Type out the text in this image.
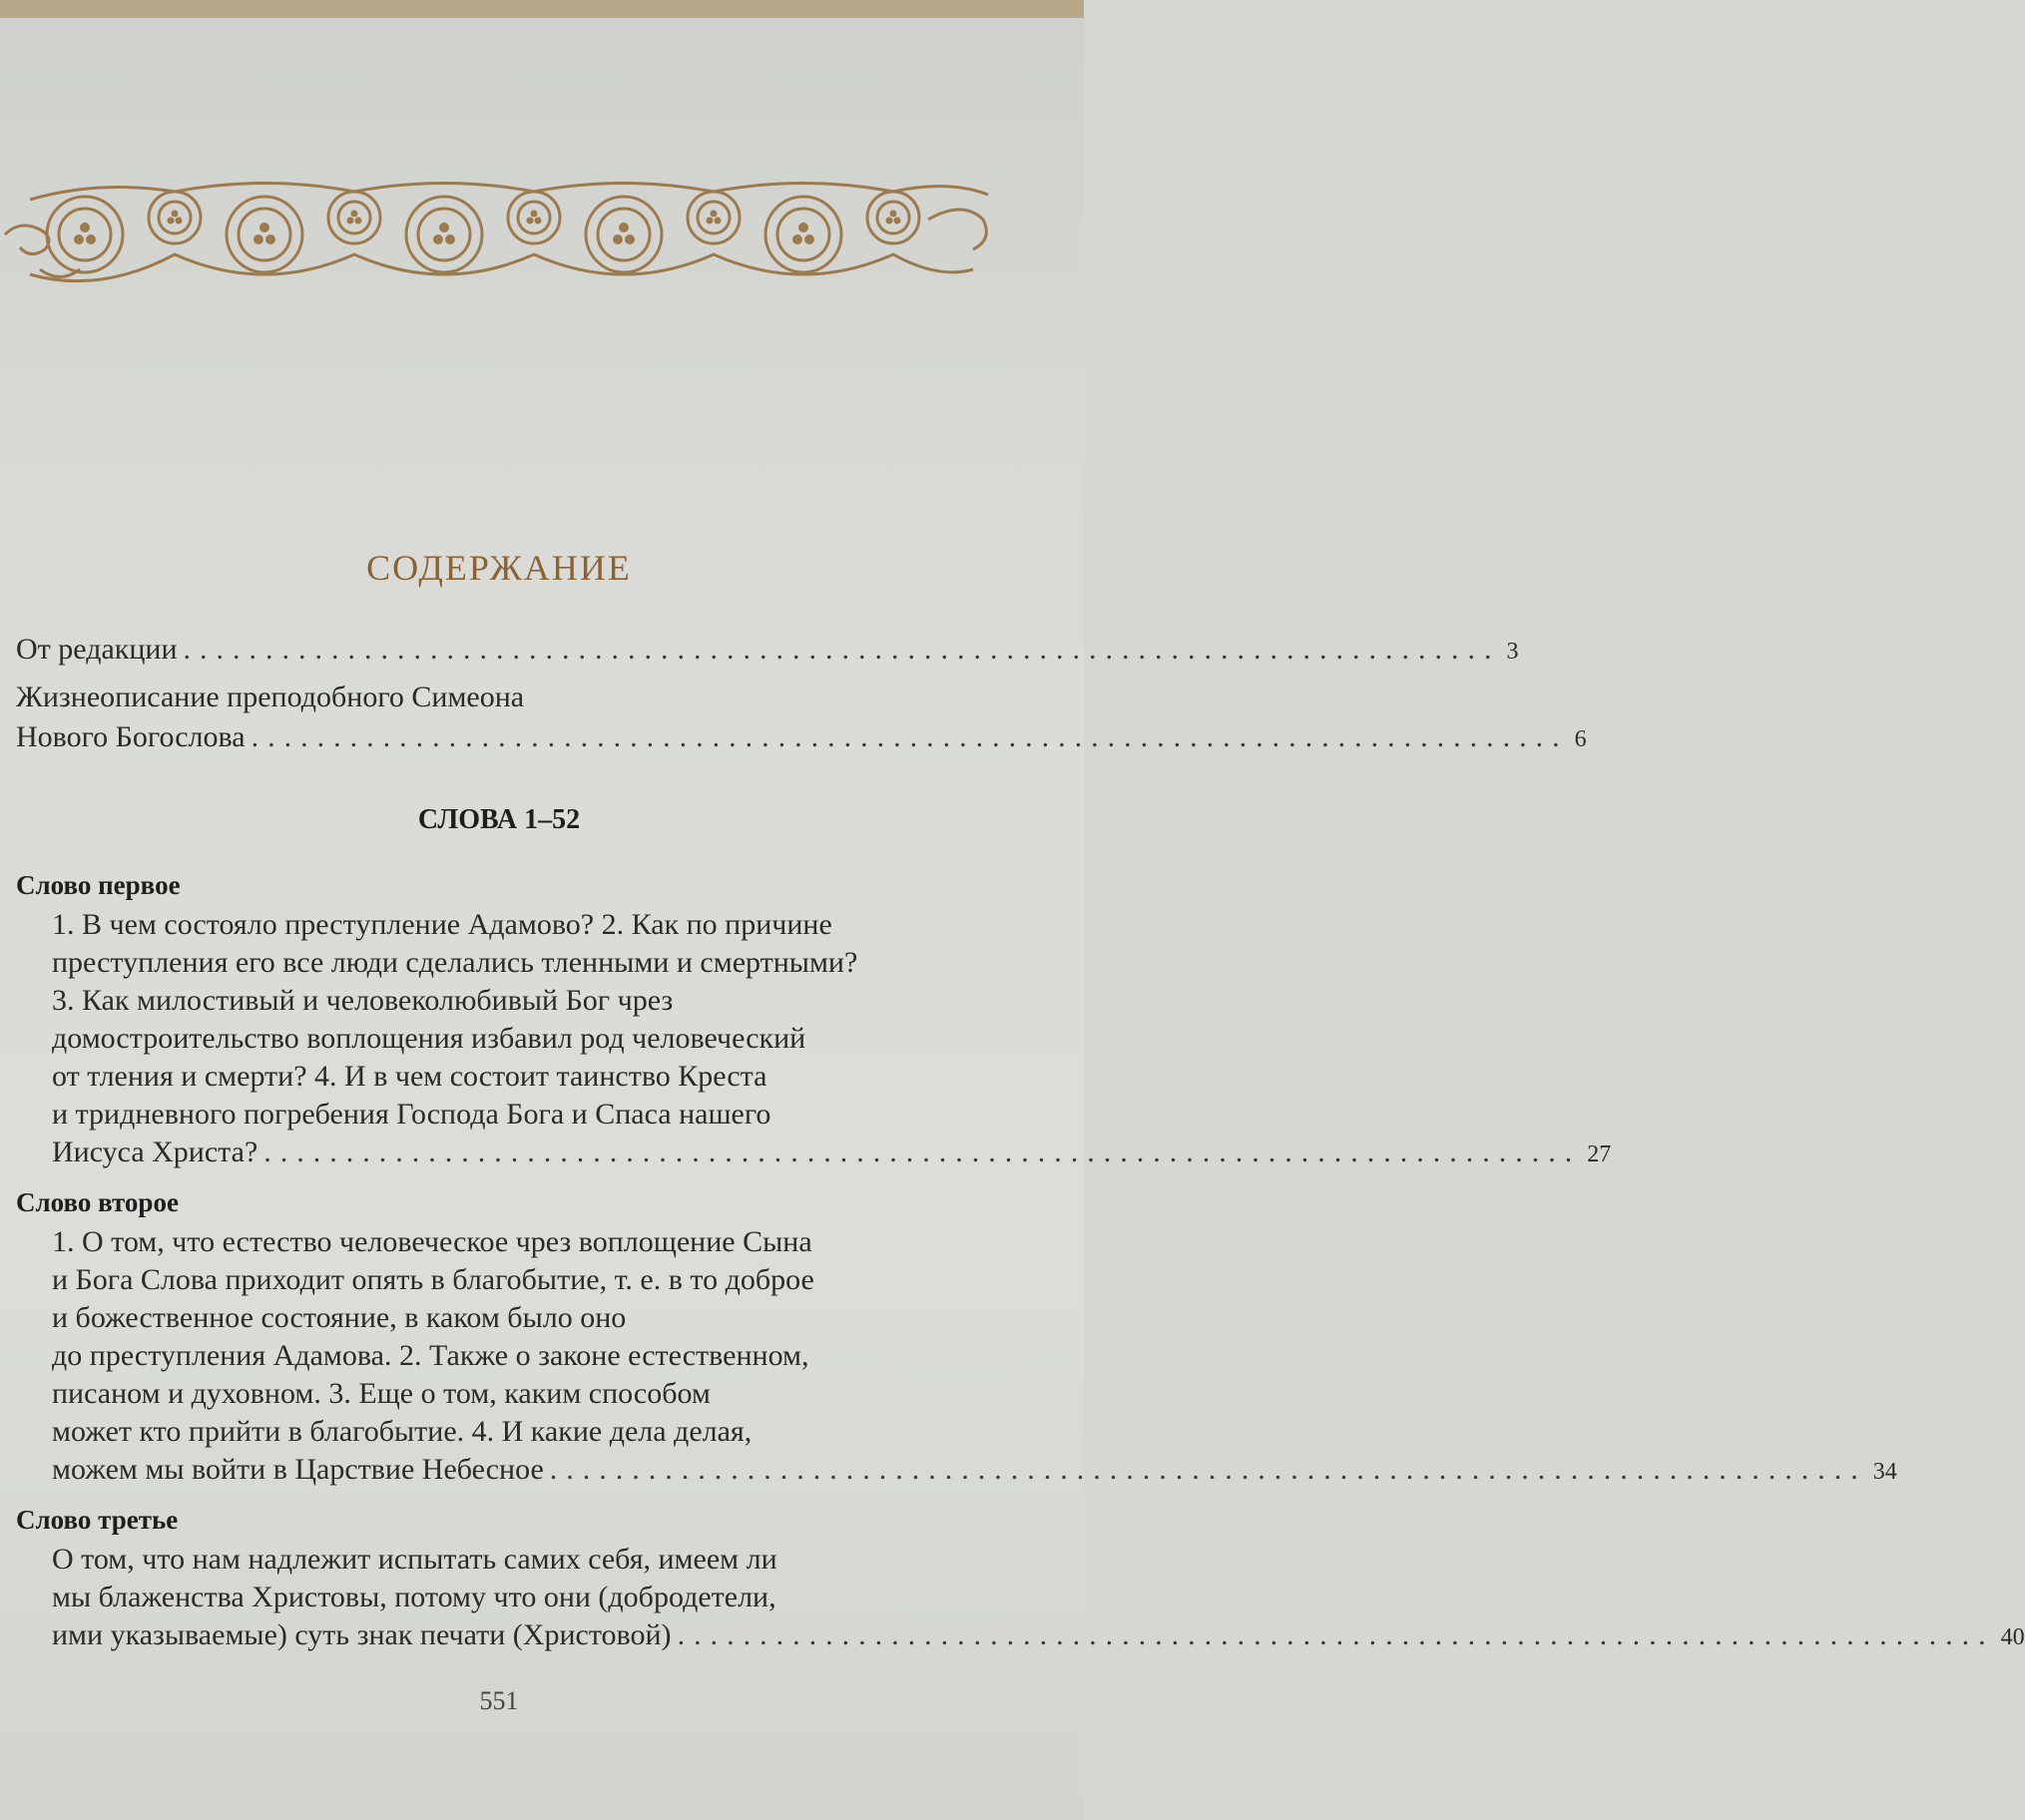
СОДЕРЖАНИЕ
От редакции ................................................................................ 3
Жизнеописание преподобного Симеона
Нового Богослова ................................................................................ 6
СЛОВА 1–52
Слово первое
1. В чем состояло преступление Адамово? 2. Как по причине
преступления его все люди сделались тленными и смертными?
3. Как милостивый и человеколюбивый Бог чрез
домостроительство воплощения избавил род человеческий
от тления и смерти? 4. И в чем состоит таинство Креста
и тридневного погребения Господа Бога и Спаса нашего
Иисуса Христа? ................................................................................ 27
Слово второе
1. О том, что естество человеческое чрез воплощение Сына
и Бога Слова приходит опять в благобытие, т. е. в то доброе
и божественное состояние, в каком было оно
до преступления Адамова. 2. Также о законе естественном,
писаном и духовном. 3. Еще о том, каким способом
может кто прийти в благобытие. 4. И какие дела делая,
можем мы войти в Царствие Небесное ................................................................................ 34
Слово третье
О том, что нам надлежит испытать самих себя, имеем ли
мы блаженства Христовы, потому что они (добродетели,
ими указываемые) суть знак печати (Христовой) ................................................................................ 40
551
